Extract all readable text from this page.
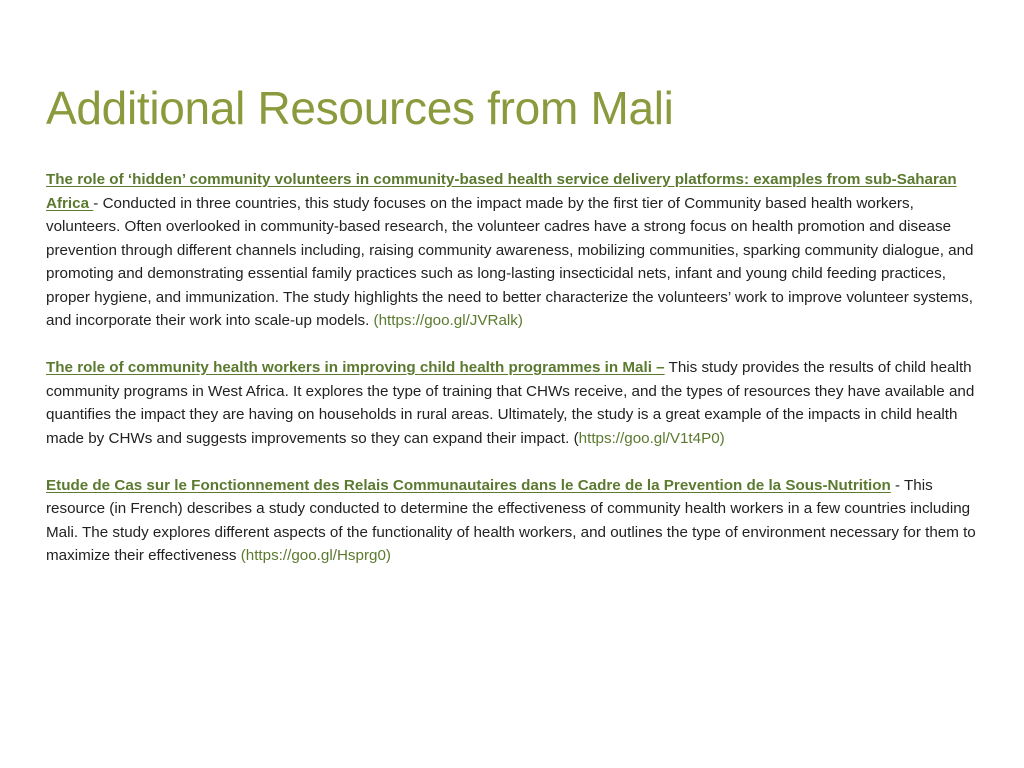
Additional Resources from Mali

The role of ‘hidden’ community volunteers in community-based health service delivery platforms: examples from sub-Saharan Africa - Conducted in three countries, this study focuses on the impact made by the first tier of Community based health workers, volunteers. Often overlooked in community-based research, the volunteer cadres have a strong focus on health promotion and disease prevention through different channels including, raising community awareness, mobilizing communities, sparking community dialogue, and promoting and demonstrating essential family practices such as long-lasting insecticidal nets, infant and young child feeding practices, proper hygiene, and immunization. The study highlights the need to better characterize the volunteers’ work to improve volunteer systems, and incorporate their work into scale-up models. (https://goo.gl/JVRalk)

The role of community health workers in improving child health programmes in Mali – This study provides the results of child health community programs in West Africa. It explores the type of training that CHWs receive, and the types of resources they have available and quantifies the impact they are having on households in rural areas. Ultimately, the study is a great example of the impacts in child health made by CHWs and suggests improvements so they can expand their impact. (https://goo.gl/V1t4P0)

Etude de Cas sur le Fonctionnement des Relais Communautaires dans le Cadre de la Prevention de la Sous-Nutrition - This resource (in French) describes a study conducted to determine the effectiveness of community health workers in a few countries including Mali. The study explores different aspects of the functionality of health workers, and outlines the type of environment necessary for them to maximize their effectiveness (https://goo.gl/Hsprg0)
